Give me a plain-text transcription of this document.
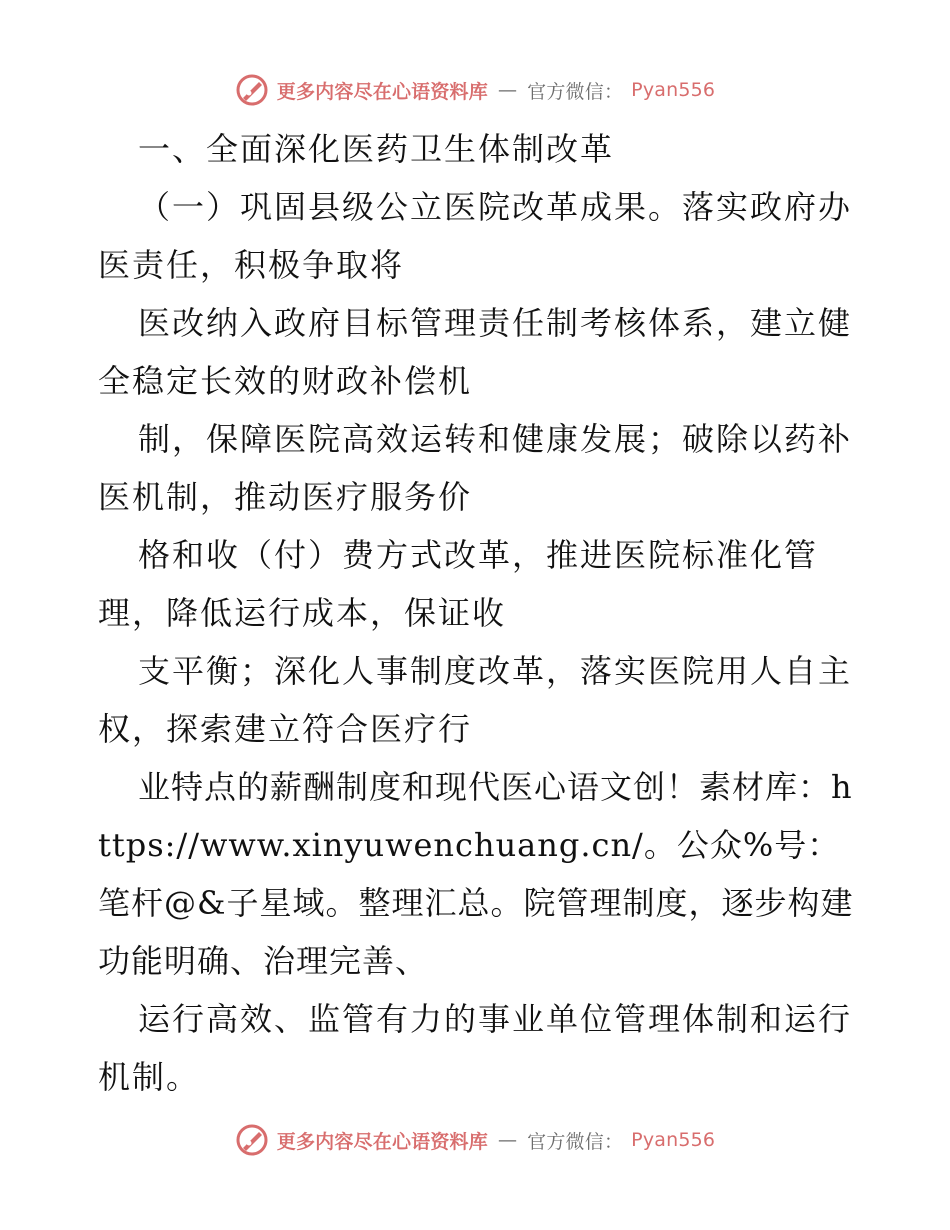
更多内容尽在心语资料库 — 官方微信： Pyan556

一、全面深化医药卫生体制改革

（一）巩固县级公立医院改革成果。落实政府办医责任，积极争取将

医改纳入政府目标管理责任制考核体系，建立健全稳定长效的财政补偿机

制，保障医院高效运转和健康发展；破除以药补医机制，推动医疗服务价

格和收（付）费方式改革，推进医院标准化管理，降低运行成本，保证收

支平衡；深化人事制度改革，落实医院用人自主权，探索建立符合医疗行

业特点的薪酬制度和现代医心语文创！素材库：https://www.xinyuwenchuang.cn/。公众%号：笔杆@&子星域。整理汇总。院管理制度，逐步构建功能明确、治理完善、

运行高效、监管有力的事业单位管理体制和运行机制。

更多内容尽在心语资料库 — 官方微信： Pyan556
